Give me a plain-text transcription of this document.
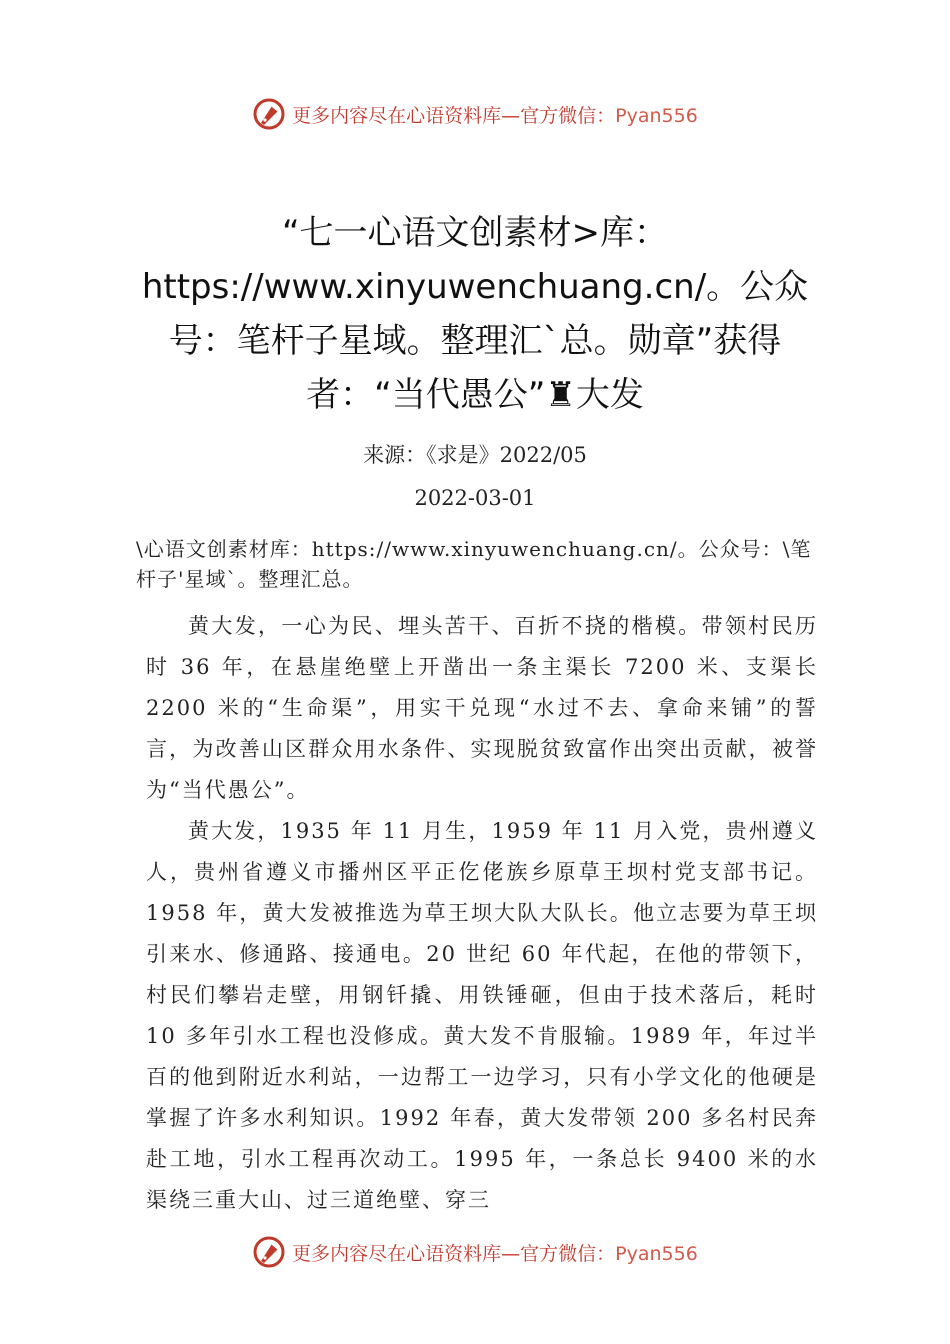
更多内容尽在心语资料库—官方微信：Pyan556
“七一心语文创素材>库：https://www.xinyuwenchuang.cn/。公众号：笔杆子星域。整理汇`总。勋章”获得者：“当代愚公”♜大发
来源：《求是》2022/05
2022-03-01

\心语文创素材库：https://www.xinyuwenchuang.cn/。公众号：\笔杆子'星域`。整理汇总。

黄大发，一心为民、埋头苦干、百折不挠的楷模。带领村民历时 36 年，在悬崖绝壁上开凿出一条主渠长 7200 米、支渠长 2200 米的“生命渠”，用实干兑现“水过不去、拿命来铺”的誓言，为改善山区群众用水条件、实现脱贫致富作出突出贡献，被誉为“当代愚公”。

黄大发，1935 年 11 月生，1959 年 11 月入党，贵州遵义人，贵州省遵义市播州区平正仡佬族乡原草王坝村党支部书记。1958 年，黄大发被推选为草王坝大队大队长。他立志要为草王坝引来水、修通路、接通电。20 世纪 60 年代起，在他的带领下，村民们攀岩走壁，用钢钎撬、用铁锤砸，但由于技术落后，耗时 10 多年引水工程也没修成。黄大发不肯服输。1989 年，年过半百的他到附近水利站，一边帮工一边学习，只有小学文化的他硬是掌握了许多水利知识。1992 年春，黄大发带领 200 多名村民奔赴工地，引水工程再次动工。1995 年，一条总长 9400 米的水渠绕三重大山、过三道绝壁、穿三

更多内容尽在心语资料库—官方微信：Pyan556
